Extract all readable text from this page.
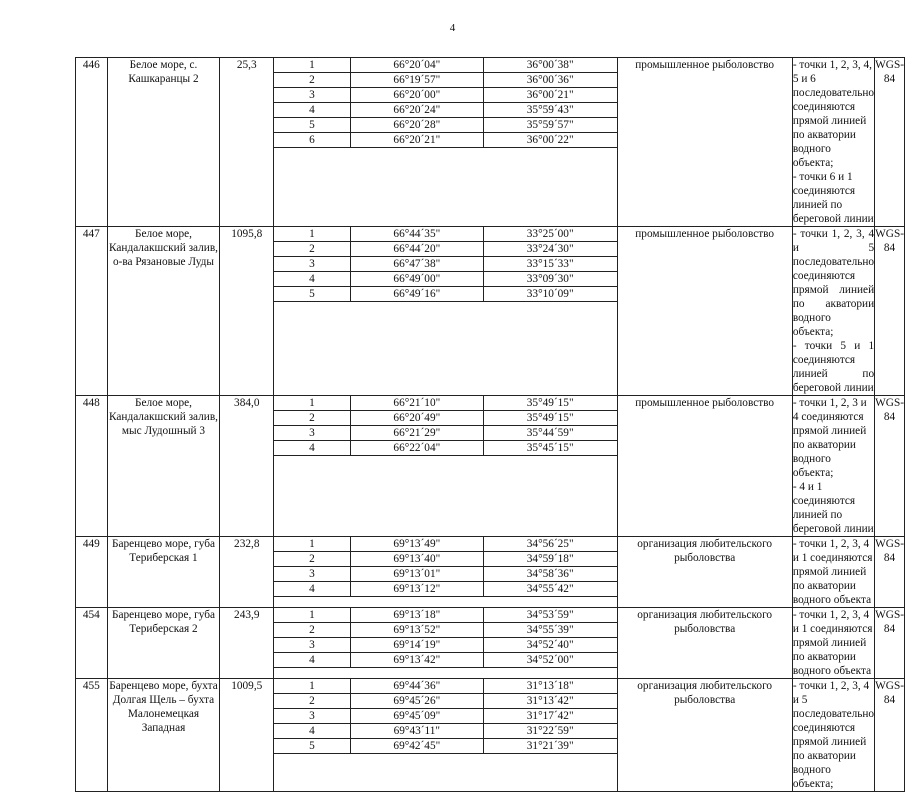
4
446	Белое море, с. Кашкаранцы 2	25,3		1	66°20´04"	36°00´38"
2	66°19´57"	36°00´36"
3	66°20´00"	36°00´21"
4	66°20´24"	35°59´43"
5	66°20´28"	35°59´57"
6	66°20´21"	36°00´22"
	промышленное рыболовство	- точки 1, 2, 3, 4, 5 и 6 последовательно соединяются прямой линией по акватории водного объекта;
- точки 6 и 1 соединяются линией по береговой линии	WGS-84
447	Белое море, Кандалакшский залив, о-ва Рязановые Луды	1095,8		1	66°44´35"	33°25´00"
2	66°44´20"	33°24´30"
3	66°47´38"	33°15´33"
4	66°49´00"	33°09´30"
5	66°49´16"	33°10´09"
	промышленное рыболовство	- точки 1, 2, 3, 4 и 5 последовательно соединяются прямой линией по акватории водного объекта;
- точки 5 и 1 соединяются линией по береговой линии	WGS-84
448	Белое море, Кандалакшский залив, мыс Лудошный 3	384,0		1	66°21´10"	35°49´15"
2	66°20´49"	35°49´15"
3	66°21´29"	35°44´59"
4	66°22´04"	35°45´15"
	промышленное рыболовство	- точки 1, 2, 3 и 4 соединяются прямой линией по акватории водного объекта;
- 4 и 1 соединяются линией по береговой линии	WGS-84
449	Баренцево море, губа Териберская 1	232,8		1	69°13´49"	34°56´25"
2	69°13´40"	34°59´18"
3	69°13´01"	34°58´36"
4	69°13´12"	34°55´42"
	организация любительского рыболовства	- точки 1, 2, 3, 4 и 1 соединяются прямой линией по акватории водного объекта	WGS-84
454	Баренцево море, губа Териберская 2	243,9		1	69°13´18"	34°53´59"
2	69°13´52"	34°55´39"
3	69°14´19"	34°52´40"
4	69°13´42"	34°52´00"
	организация любительского рыболовства	- точки 1, 2, 3, 4 и 1 соединяются прямой линией по акватории водного объекта	WGS-84
455	Баренцево море, бухта Долгая Щель – бухта Малонемецкая Западная	1009,5		1	69°44´36"	31°13´18"
2	69°45´26"	31°13´42"
3	69°45´09"	31°17´42"
4	69°43´11"	31°22´59"
5	69°42´45"	31°21´39"
	организация любительского рыболовства	- точки 1, 2, 3, 4 и 5 последовательно соединяются прямой линией по акватории водного объекта;	WGS-84
